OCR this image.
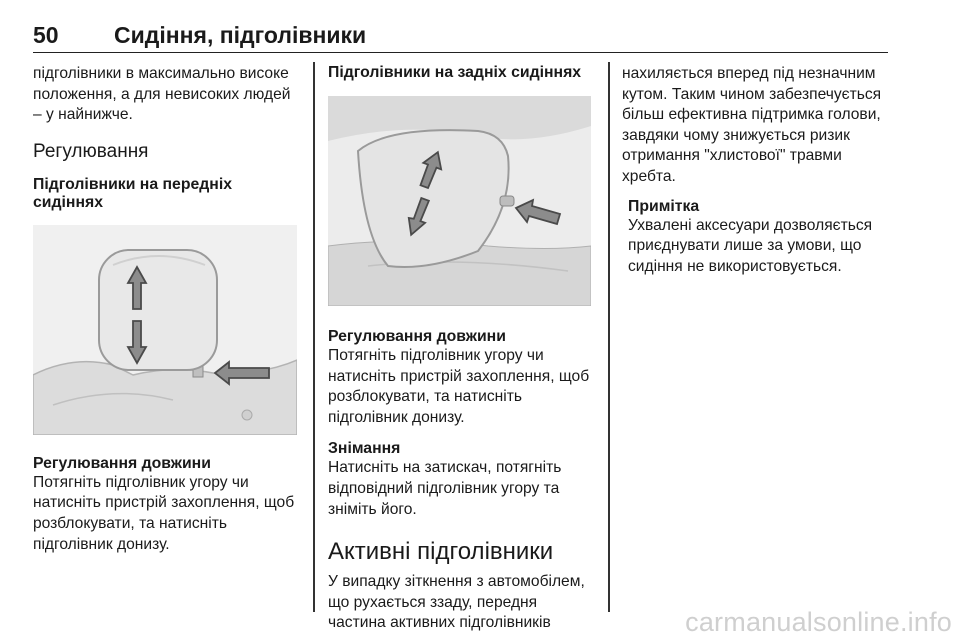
50 Сидіння, підголівники

підголівники в максимально високе положення, а для невисоких людей – у найнижче.

Регулювання
Підголівники на передніх сидіннях
Регулювання довжини

Потягніть підголівник угору чи натисніть пристрій захоплення, щоб розблокувати, та натисніть підголівник донизу.

Підголівники на задніх сидіннях
Регулювання довжини

Потягніть підголівник угору чи натисніть пристрій захоплення, щоб розблокувати, та натисніть підголівник донизу.

Знімання

Натисніть на затискач, потягніть відповідний підголівник угору та зніміть його.

Активні підголівники

У випадку зіткнення з автомобілем, що рухається ззаду, передня частина активних підголівників

нахиляється вперед під незначним кутом. Таким чином забезпечується більш ефективна підтримка голови, завдяки чому знижується ризик отримання "хлистової" травми хребта.

Примітка

Ухвалені аксесуари дозволяється приєднувати лише за умови, що сидіння не використовується.

carmanualsonline.info
